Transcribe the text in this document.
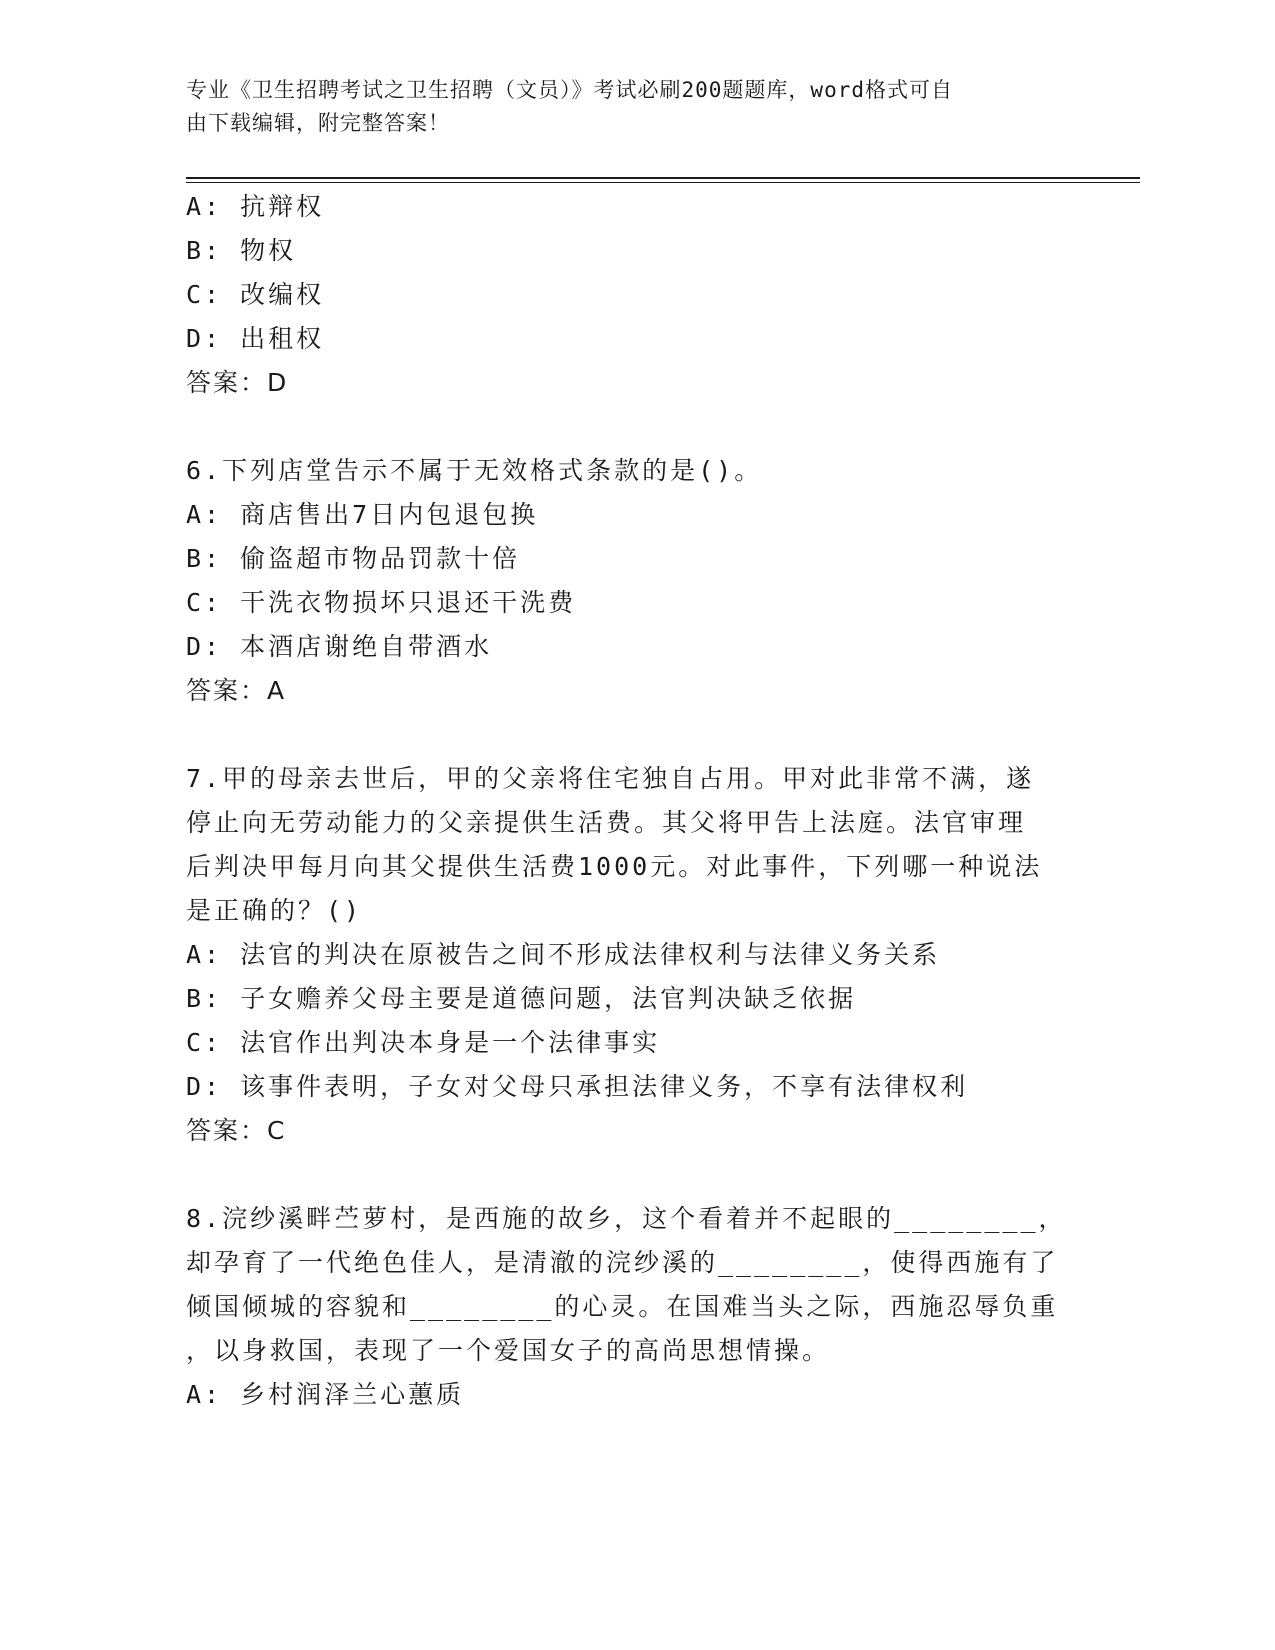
专业《卫生招聘考试之卫生招聘（文员）》考试必刷200题题库，word格式可自
由下载编辑，附完整答案！
A: 抗辩权
B: 物权
C: 改编权
D: 出租权
答案：D
6.下列店堂告示不属于无效格式条款的是()。
A: 商店售出7日内包退包换
B: 偷盗超市物品罚款十倍
C: 干洗衣物损坏只退还干洗费
D: 本酒店谢绝自带酒水
答案：A
7.甲的母亲去世后，甲的父亲将住宅独自占用。甲对此非常不满，遂
停止向无劳动能力的父亲提供生活费。其父将甲告上法庭。法官审理
后判决甲每月向其父提供生活费1000元。对此事件，下列哪一种说法
是正确的？()
A: 法官的判决在原被告之间不形成法律权利与法律义务关系
B: 子女赡养父母主要是道德问题，法官判决缺乏依据
C: 法官作出判决本身是一个法律事实
D: 该事件表明，子女对父母只承担法律义务，不享有法律权利
答案：C
8.浣纱溪畔苎萝村，是西施的故乡，这个看着并不起眼的________，
却孕育了一代绝色佳人，是清澈的浣纱溪的________，使得西施有了
倾国倾城的容貌和________的心灵。在国难当头之际，西施忍辱负重
，以身救国，表现了一个爱国女子的高尚思想情操。
A: 乡村润泽兰心蕙质
